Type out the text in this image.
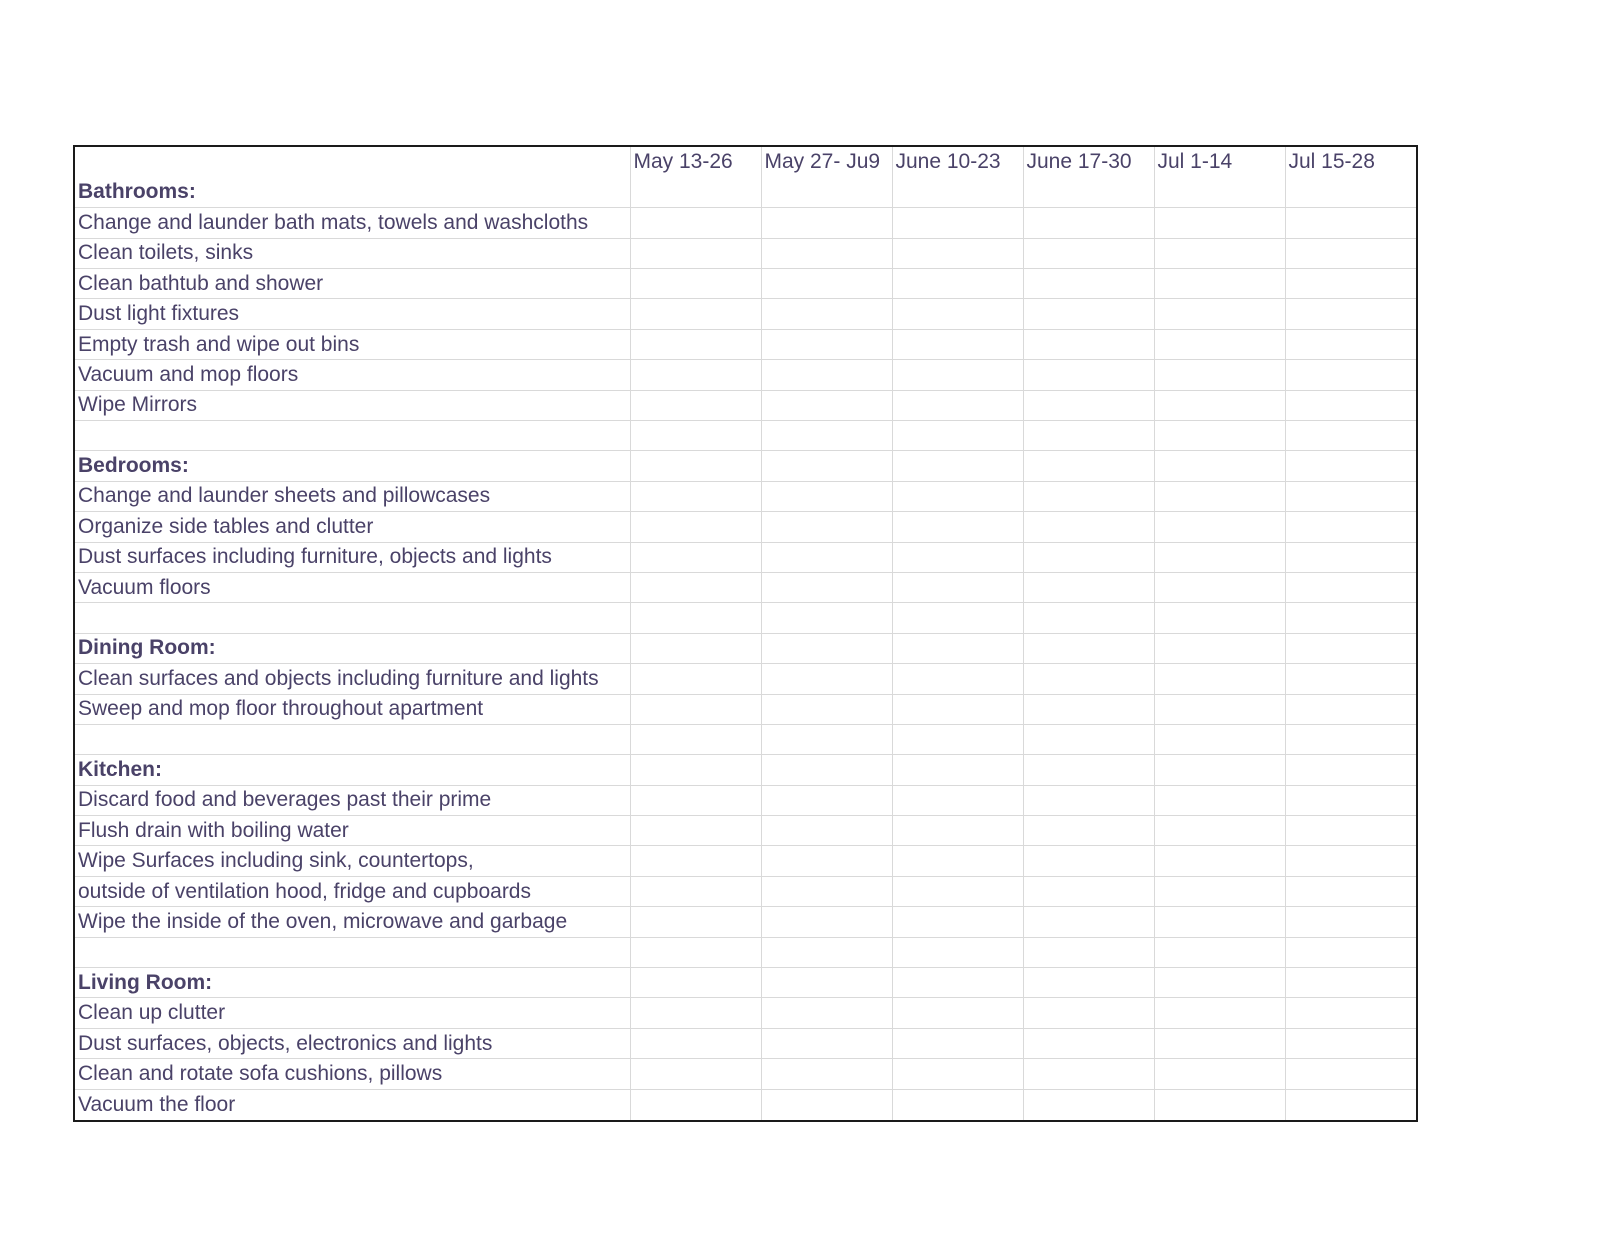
	May 13-26	May 27- Ju9	June 10-23	June 17-30	Jul 1-14	Jul 15-28
Bathrooms:						
Change and launder bath mats, towels and washcloths						
Clean toilets, sinks						
Clean bathtub and shower						
Dust light fixtures						
Empty trash and wipe out bins						
Vacuum and mop floors						
Wipe Mirrors						

Bedrooms:						
Change and launder sheets and pillowcases						
Organize side tables and clutter						
Dust surfaces including furniture, objects and lights						
Vacuum floors						

Dining Room:						
Clean surfaces and objects including furniture and lights						
Sweep and mop floor throughout apartment						

Kitchen:						
Discard food and beverages past their prime						
Flush drain with boiling water						
Wipe Surfaces including sink, countertops,						
outside of ventilation hood, fridge and cupboards						
Wipe the inside of the oven, microwave and garbage						

Living Room:						
Clean up clutter						
Dust surfaces, objects, electronics and lights						
Clean and rotate sofa cushions, pillows						
Vacuum the floor						
